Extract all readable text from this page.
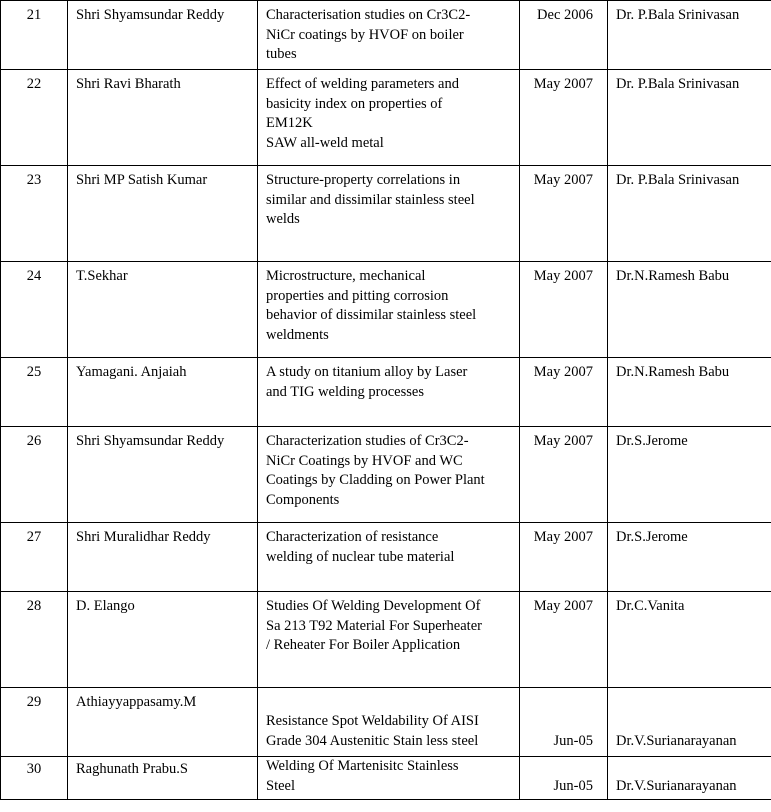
21	Shri Shyamsundar Reddy	Characterisation studies on Cr3C2-
NiCr coatings by HVOF on boiler
tubes	Dec 2006	Dr. P.Bala Srinivasan
22	Shri Ravi Bharath	Effect of welding parameters and
basicity index on properties of
EM12K
SAW all-weld metal	May 2007	Dr. P.Bala Srinivasan
23	Shri MP Satish Kumar	Structure-property correlations in
similar and dissimilar stainless steel
welds	May 2007	Dr. P.Bala Srinivasan
24	T.Sekhar	Microstructure, mechanical
properties and pitting corrosion
behavior of dissimilar stainless steel
weldments	May 2007	Dr.N.Ramesh Babu
25	Yamagani. Anjaiah	A study on titanium alloy by Laser
and TIG welding processes	May 2007	Dr.N.Ramesh Babu
26	Shri Shyamsundar Reddy	Characterization studies of Cr3C2-
NiCr Coatings by HVOF and WC
Coatings by Cladding on Power Plant
Components	May 2007	Dr.S.Jerome
27	Shri Muralidhar Reddy	Characterization of resistance
welding of nuclear tube material	May 2007	Dr.S.Jerome
28	D. Elango	Studies Of Welding Development Of
Sa 213 T92 Material For Superheater
/ Reheater For Boiler Application	May 2007	Dr.C.Vanita
29	Athiayyappasamy.M	Resistance Spot Weldability Of AISI
Grade 304 Austenitic Stain less steel	Jun-05	Dr.V.Surianarayanan
30	Raghunath Prabu.S	Welding Of Martenisitc Stainless
Steel	Jun-05	Dr.V.Surianarayanan
